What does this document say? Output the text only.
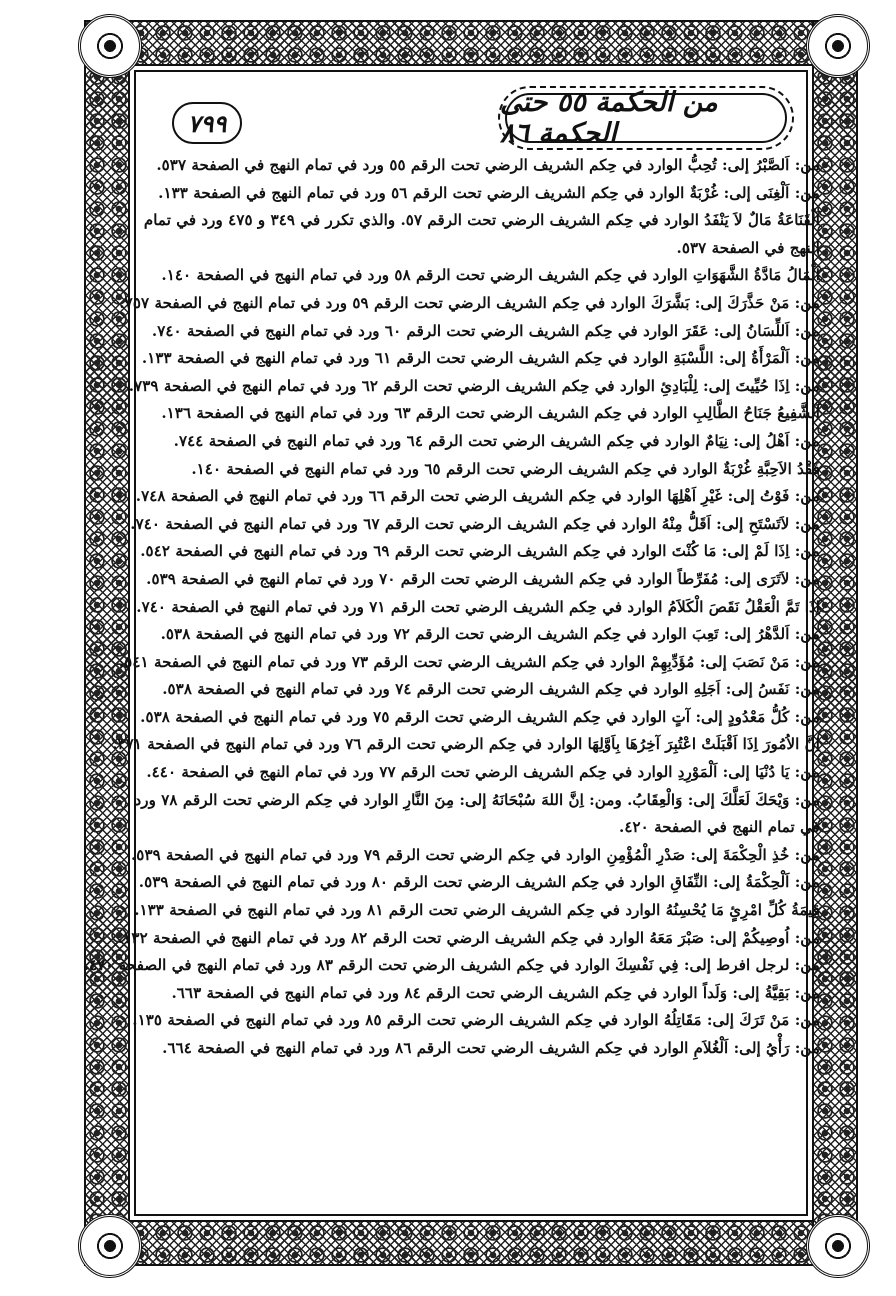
من الحكمة ٥٥ حتى الحكمة ٨٦
٧٩٩
من: اَلصَّبْرُ إلى: تُحِبُّ الوارد في حِكم الشريف الرضي تحت الرقم ٥٥ ورد في تمام النهج في الصفحة ٥٣٧.
من: اَلْغِنَى إلى: غُرْبَةٌ الوارد في حِكم الشريف الرضي تحت الرقم ٥٦ ورد في تمام النهج في الصفحة ١٣٣.
اَلْقَنَاعَةُ مَالٌ لاَ يَنْفَدُ الوارد في حِكم الشريف الرضي تحت الرقم ٥٧. والذي تكرر في ٣٤٩ و ٤٧٥ ورد في تمام النهج في الصفحة ٥٣٧.
اَلْمَالُ مَادَّةُ الشَّهَوَاتِ الوارد في حِكم الشريف الرضي تحت الرقم ٥٨ ورد في تمام النهج في الصفحة ١٤٠.
من: مَنْ حَذَّرَكَ إلى: بَشَّرَكَ الوارد في حِكم الشريف الرضي تحت الرقم ٥٩ ورد في تمام النهج في الصفحة ٧٥٧.
من: اَللِّسَانُ إلى: عَقَرَ الوارد في حِكم الشريف الرضي تحت الرقم ٦٠ ورد في تمام النهج في الصفحة ٧٤٠.
من: اَلْمَرْأَةُ إلى: اللَّسْبَةِ الوارد في حِكم الشريف الرضي تحت الرقم ٦١ ورد في تمام النهج في الصفحة ١٣٣.
من: اِذَا حُيِّيتَ إلى: لِلْبَادِئِ الوارد في حِكم الشريف الرضي تحت الرقم ٦٢ ورد في تمام النهج في الصفحة ٧٣٩.
اَلشَّفِيعُ جَنَاحُ الطَّالِبِ الوارد في حِكم الشريف الرضي تحت الرقم ٦٣ ورد في تمام النهج في الصفحة ١٣٦.
من: اَهْلُ إلى: نِيَامٌ الوارد في حِكم الشريف الرضي تحت الرقم ٦٤ ورد في تمام النهج في الصفحة ٧٤٤.
فَقْدُ الاَحِبَّةِ غُرْبَةٌ الوارد في حِكم الشريف الرضي تحت الرقم ٦٥ ورد في تمام النهج في الصفحة ١٤٠.
من: فَوْتُ إلى: غَيْرِ اَهْلِهَا الوارد في حِكم الشريف الرضي تحت الرقم ٦٦ ورد في تمام النهج في الصفحة ٧٤٨.
من: لاَتَسْتَحِ إلى: اَقَلُّ مِنْهُ الوارد في حِكم الشريف الرضي تحت الرقم ٦٧ ورد في تمام النهج في الصفحة ٧٤٠.
من: اِذَا لَمْ إلى: مَا كُنْتَ الوارد في حِكم الشريف الرضي تحت الرقم ٦٩ ورد في تمام النهج في الصفحة ٥٤٢.
من: لاَتَرَى إلى: مُفَرِّطاً الوارد في حِكم الشريف الرضي تحت الرقم ٧٠ ورد في تمام النهج في الصفحة ٥٣٩.
اِذَا تَمَّ الْعَقْلُ نَقَصَ الْكَلاَمُ الوارد في حِكم الشريف الرضي تحت الرقم ٧١ ورد في تمام النهج في الصفحة ٧٤٠.
من: اَلدَّهْرُ إلى: تَعِبَ الوارد في حِكم الشريف الرضي تحت الرقم ٧٢ ورد في تمام النهج في الصفحة ٥٣٨.
من: مَنْ نَصَبَ إلى: مُؤَدِّبِهِمْ الوارد في حِكم الشريف الرضي تحت الرقم ٧٣ ورد في تمام النهج في الصفحة ٥٤١.
من: نَفَسُ إلى: اَجَلِهِ الوارد في حِكم الشريف الرضي تحت الرقم ٧٤ ورد في تمام النهج في الصفحة ٥٣٨.
من: كُلُّ مَعْدُودٍ إلى: آتٍ الوارد في حِكم الشريف الرضي تحت الرقم ٧٥ ورد في تمام النهج في الصفحة ٥٣٨.
اِنَّ الاُمُورَ اِذَا اَقْبَلَتْ اعْتُبِرَ آخِرُهَا بِاَوَّلِهَا الوارد في حِكم الرضي تحت الرقم ٧٦ ورد في تمام النهج في الصفحة ٣٧١.
من: يَا دُنْيَا إلى: اَلْمَوْرِدِ الوارد في حِكم الشريف الرضي تحت الرقم ٧٧ ورد في تمام النهج في الصفحة ٤٤٠.
من: وَيْحَكَ لَعَلَّكَ إلى: وَالْعِقَابُ. ومن: اِنَّ اللهَ سُبْحَانَهُ إلى: مِنَ النَّارِ الوارد في حِكم الرضي تحت الرقم ٧٨ ورد في تمام النهج في الصفحة ٤٢٠.
من: خُذِ الْحِكْمَةَ إلى: صَدْرِ الْمُؤْمِنِ الوارد في حِكم الرضي تحت الرقم ٧٩ ورد في تمام النهج في الصفحة ٥٣٩.
من: اَلْحِكْمَةُ إلى: النِّفَاقِ الوارد في حِكم الشريف الرضي تحت الرقم ٨٠ ورد في تمام النهج في الصفحة ٥٣٩.
قِيمَةُ كُلِّ امْرِئٍ مَا يُحْسِنُهُ الوارد في حِكم الشريف الرضي تحت الرقم ٨١ ورد في تمام النهج في الصفحة ١٣٣.
من: اُوصِيكُمْ إلى: صَبْرَ مَعَهُ الوارد في حِكم الشريف الرضي تحت الرقم ٨٢ ورد في تمام النهج في الصفحة ١٣٢.
من: لرجل افرط إلى: فِي نَفْسِكَ الوارد في حِكم الشريف الرضي تحت الرقم ٨٣ ورد في تمام النهج في الصفحة ٤٧٠.
من: بَقِيَّةُ إلى: وَلَداً الوارد في حِكم الشريف الرضي تحت الرقم ٨٤ ورد في تمام النهج في الصفحة ٦٦٣.
من: مَنْ تَرَكَ إلى: مَقَاتِلُهُ الوارد في حِكم الشريف الرضي تحت الرقم ٨٥ ورد في تمام النهج في الصفحة ١٣٥.
من: رَأْيُ إلى: اَلْغُلاَمِ الوارد في حِكم الشريف الرضي تحت الرقم ٨٦ ورد في تمام النهج في الصفحة ٦٦٤.
